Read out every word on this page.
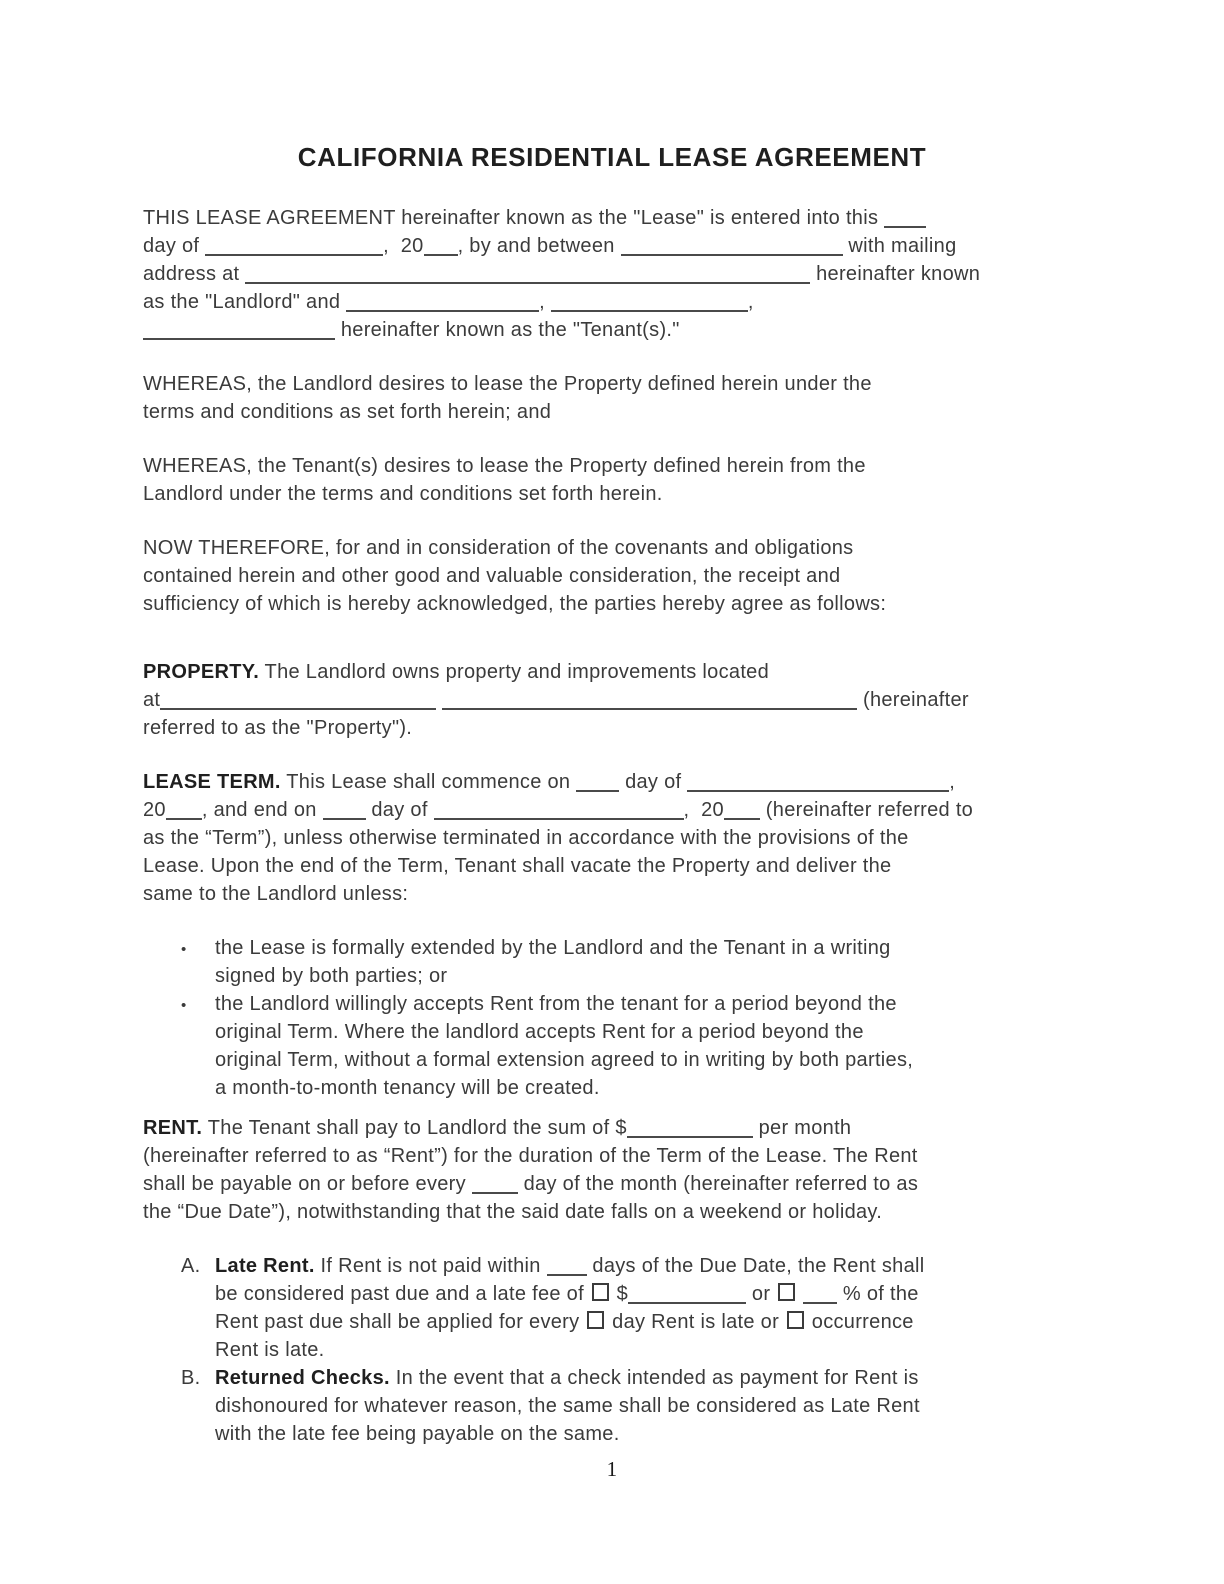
CALIFORNIA RESIDENTIAL LEASE AGREEMENT
THIS LEASE AGREEMENT hereinafter known as the "Lease" is entered into this
day of	,  20 , by and between	with mailing
address at	hereinafter known
as the "Landlord" and	,	,
hereinafter known as the "Tenant(s)."
WHEREAS, the Landlord desires to lease the Property defined herein under the
terms and conditions as set forth herein; and
WHEREAS, the Tenant(s) desires to lease the Property defined herein from the
Landlord under the terms and conditions set forth herein.
NOW THEREFORE, for and in consideration of the covenants and obligations
contained herein and other good and valuable consideration, the receipt and
sufficiency of which is hereby acknowledged, the parties hereby agree as follows:
PROPERTY. The Landlord owns property and improvements located
at	(hereinafter
referred to as the "Property").
LEASE TERM. This Lease shall commence on  day of	,
20 , and end on  day of	,  20 (hereinafter referred to
as the “Term”), unless otherwise terminated in accordance with the provisions of the
Lease. Upon the end of the Term, Tenant shall vacate the Property and deliver the
same to the Landlord unless:
•	the Lease is formally extended by the Landlord and the Tenant in a writing
signed by both parties; or
•	the Landlord willingly accepts Rent from the tenant for a period beyond the
original Term. Where the landlord accepts Rent for a period beyond the
original Term, without a formal extension agreed to in writing by both parties,
a month-to-month tenancy will be created.
RENT. The Tenant shall pay to Landlord the sum of $	per month
(hereinafter referred to as “Rent”) for the duration of the Term of the Lease. The Rent
shall be payable on or before every  day of the month (hereinafter referred to as
the “Due Date”), notwithstanding that the said date falls on a weekend or holiday.
A. Late Rent. If Rent is not paid within  days of the Due Date, the Rent shall
be considered past due and a late fee of  $	or	% of the
Rent past due shall be applied for every  day Rent is late or  occurrence
Rent is late.
B. Returned Checks. In the event that a check intended as payment for Rent is
dishonoured for whatever reason, the same shall be considered as Late Rent
with the late fee being payable on the same.
1
